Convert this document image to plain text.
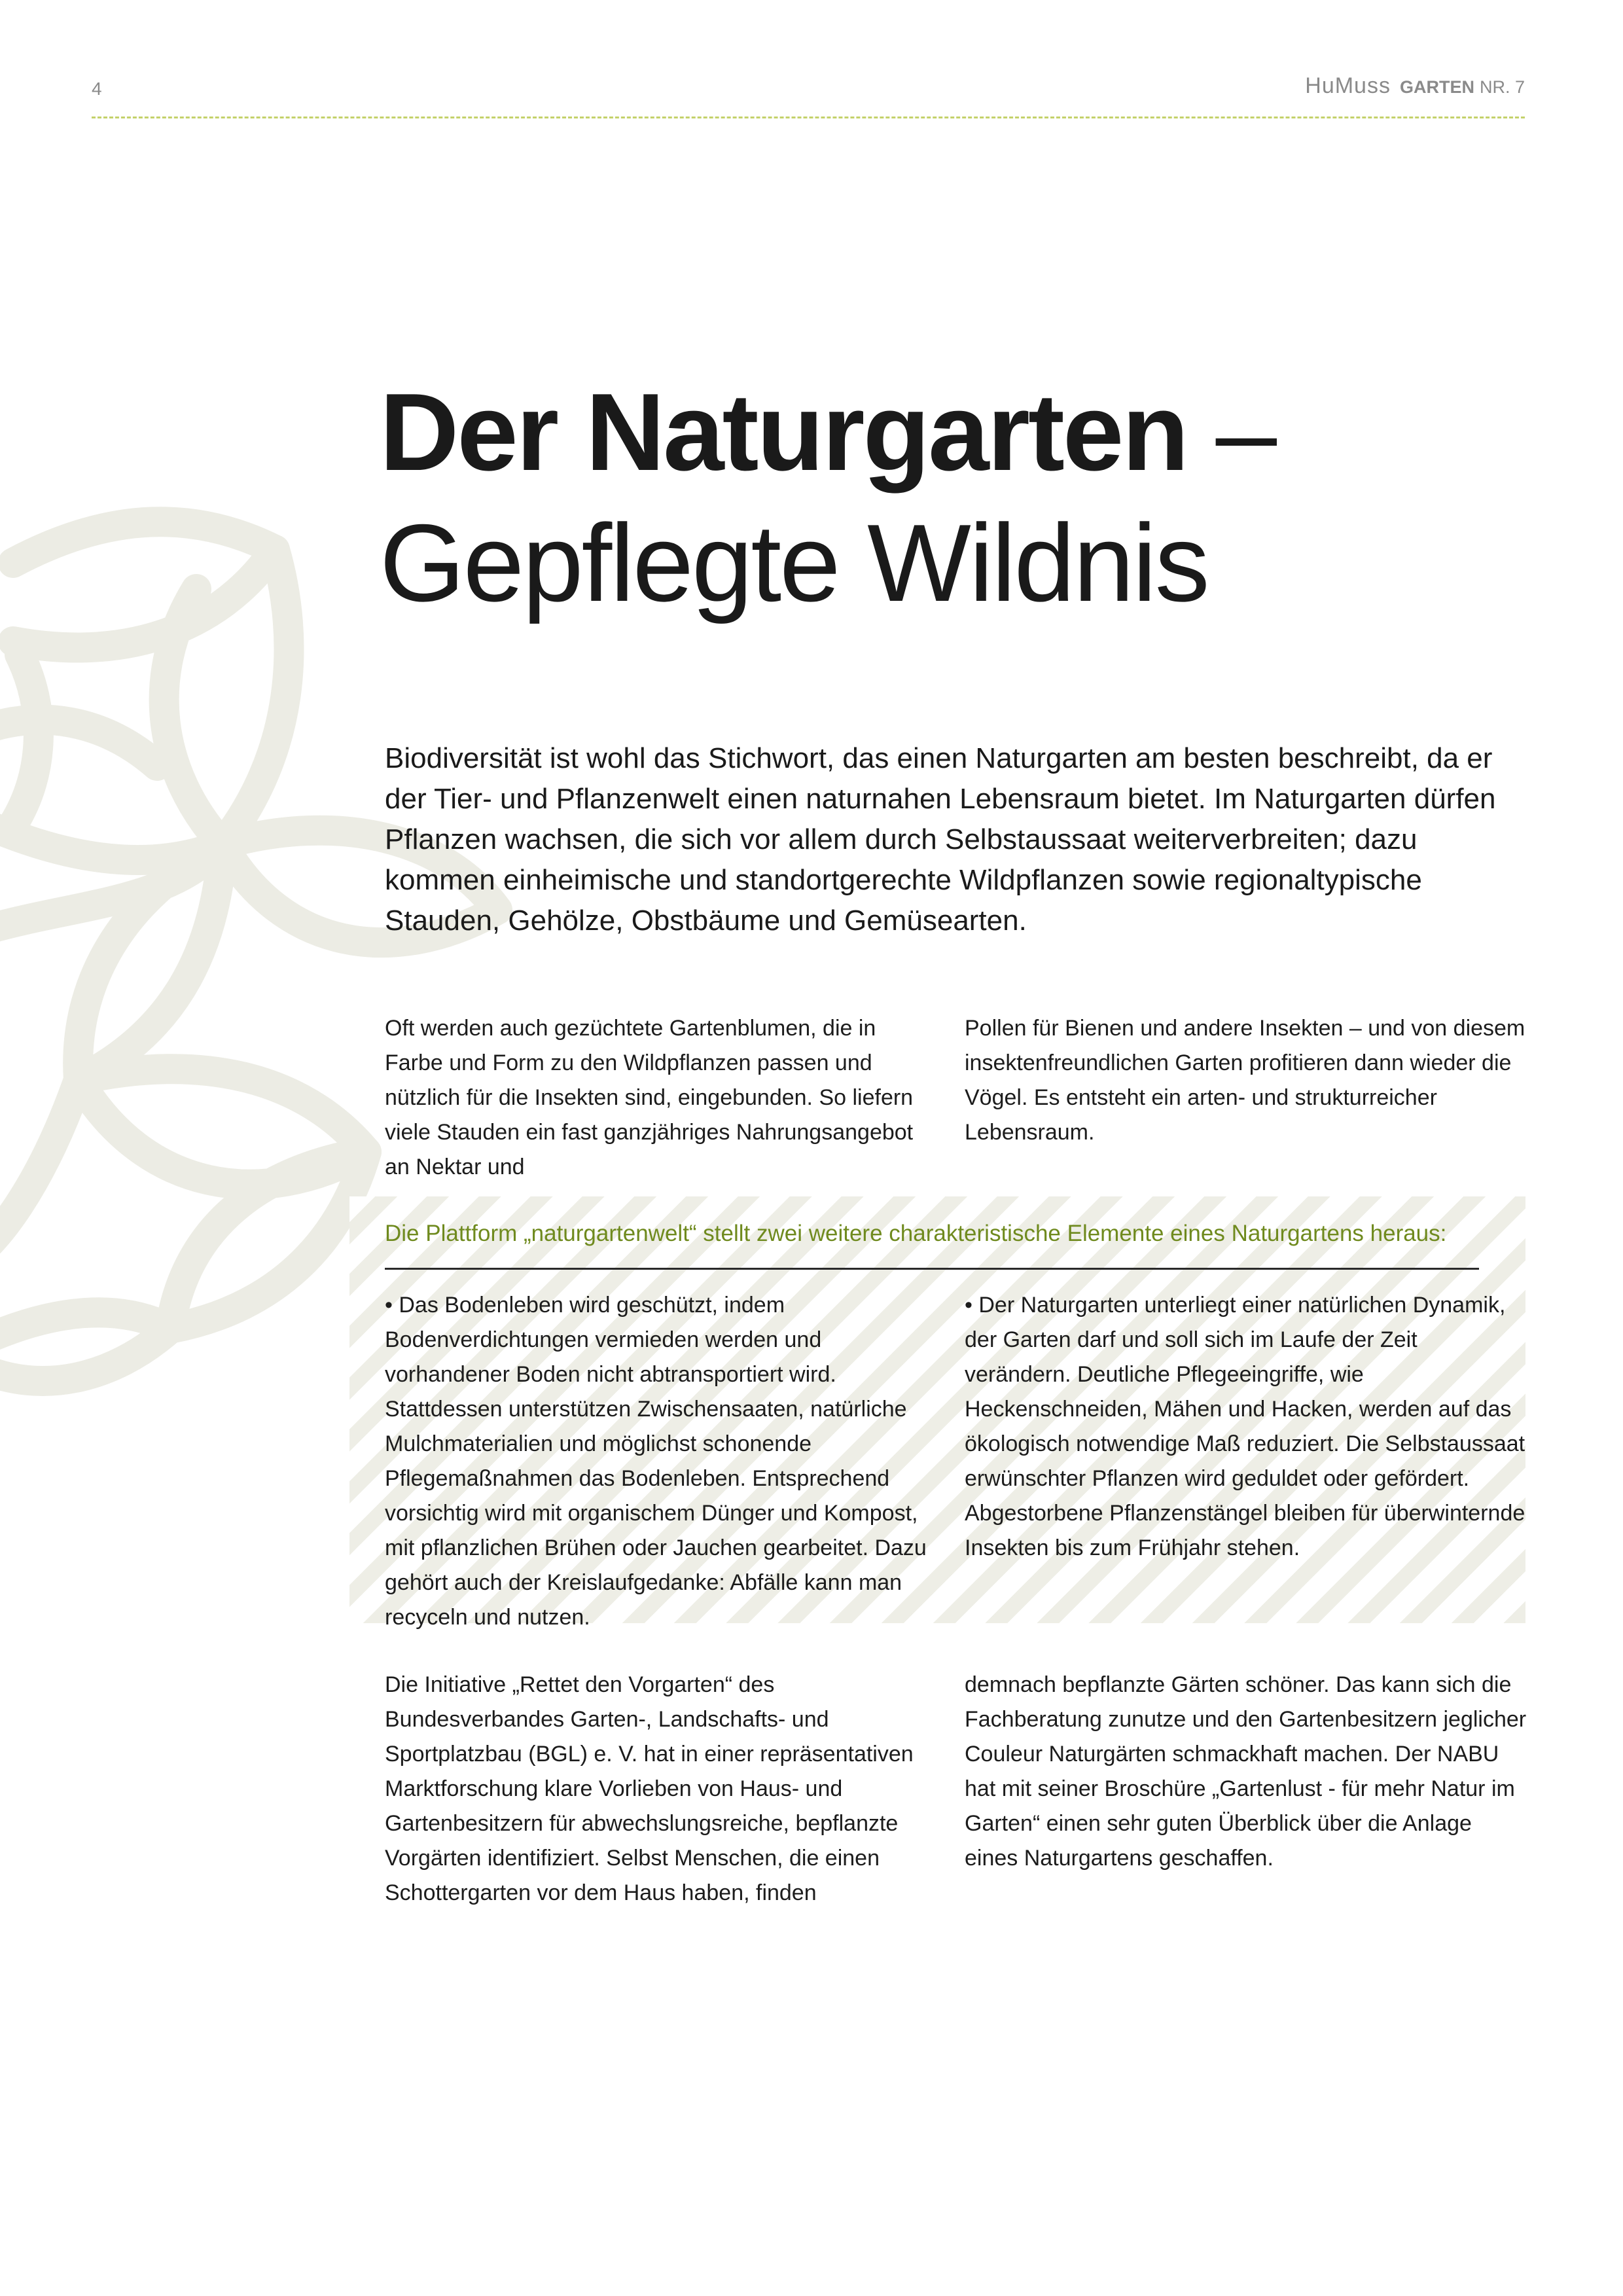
4	HuMuss GARTEN NR. 7
Der Naturgarten –
Gepflegte Wildnis
Biodiversität ist wohl das Stichwort, das einen Naturgarten am besten beschreibt, da er der Tier- und Pflanzenwelt einen naturnahen Lebensraum bietet. Im Naturgarten dürfen Pflanzen wachsen, die sich vor allem durch Selbstaussaat weiterverbreiten; dazu kommen einheimische und standortgerechte Wildpflanzen sowie regionaltypische Stauden, Gehölze, Obstbäume und Gemüsearten.
Oft werden auch gezüchtete Gartenblumen, die in Farbe und Form zu den Wildpflanzen passen und nützlich für die Insekten sind, eingebunden. So liefern viele Stauden ein fast ganzjähriges Nahrungsangebot an Nektar und
Pollen für Bienen und andere Insekten – und von diesem insektenfreundlichen Garten profitieren dann wieder die Vögel. Es entsteht ein arten- und strukturreicher Lebensraum.
Die Plattform „naturgartenwelt“ stellt zwei weitere charakteristische Elemente eines Naturgartens heraus:
• Das Bodenleben wird geschützt, indem Bodenverdichtungen vermieden werden und vorhandener Boden nicht abtransportiert wird. Stattdessen unterstützen Zwischensaaten, natürliche Mulchmaterialien und möglichst schonende Pflegemaßnahmen das Bodenleben. Entsprechend vorsichtig wird mit organischem Dünger und Kompost, mit pflanzlichen Brühen oder Jauchen gearbeitet. Dazu gehört auch der Kreislaufgedanke: Abfälle kann man recyceln und nutzen.
• Der Naturgarten unterliegt einer natürlichen Dynamik, der Garten darf und soll sich im Laufe der Zeit verändern. Deutliche Pflegeeingriffe, wie Heckenschneiden, Mähen und Hacken, werden auf das ökologisch notwendige Maß reduziert. Die Selbstaussaat erwünschter Pflanzen wird geduldet oder gefördert. Abgestorbene Pflanzenstängel bleiben für überwinternde Insekten bis zum Frühjahr stehen.
Die Initiative „Rettet den Vorgarten“ des Bundesverbandes Garten-, Landschafts- und Sportplatzbau (BGL) e. V. hat in einer repräsentativen Marktforschung klare Vorlieben von Haus- und Gartenbesitzern für abwechslungsreiche, bepflanzte Vorgärten identifiziert. Selbst Menschen, die einen Schottergarten vor dem Haus haben, finden
demnach bepflanzte Gärten schöner. Das kann sich die Fachberatung zunutze und den Gartenbesitzern jeglicher Couleur Naturgärten schmackhaft machen. Der NABU hat mit seiner Broschüre „Gartenlust - für mehr Natur im Garten“ einen sehr guten Überblick über die Anlage eines Naturgartens geschaffen.
